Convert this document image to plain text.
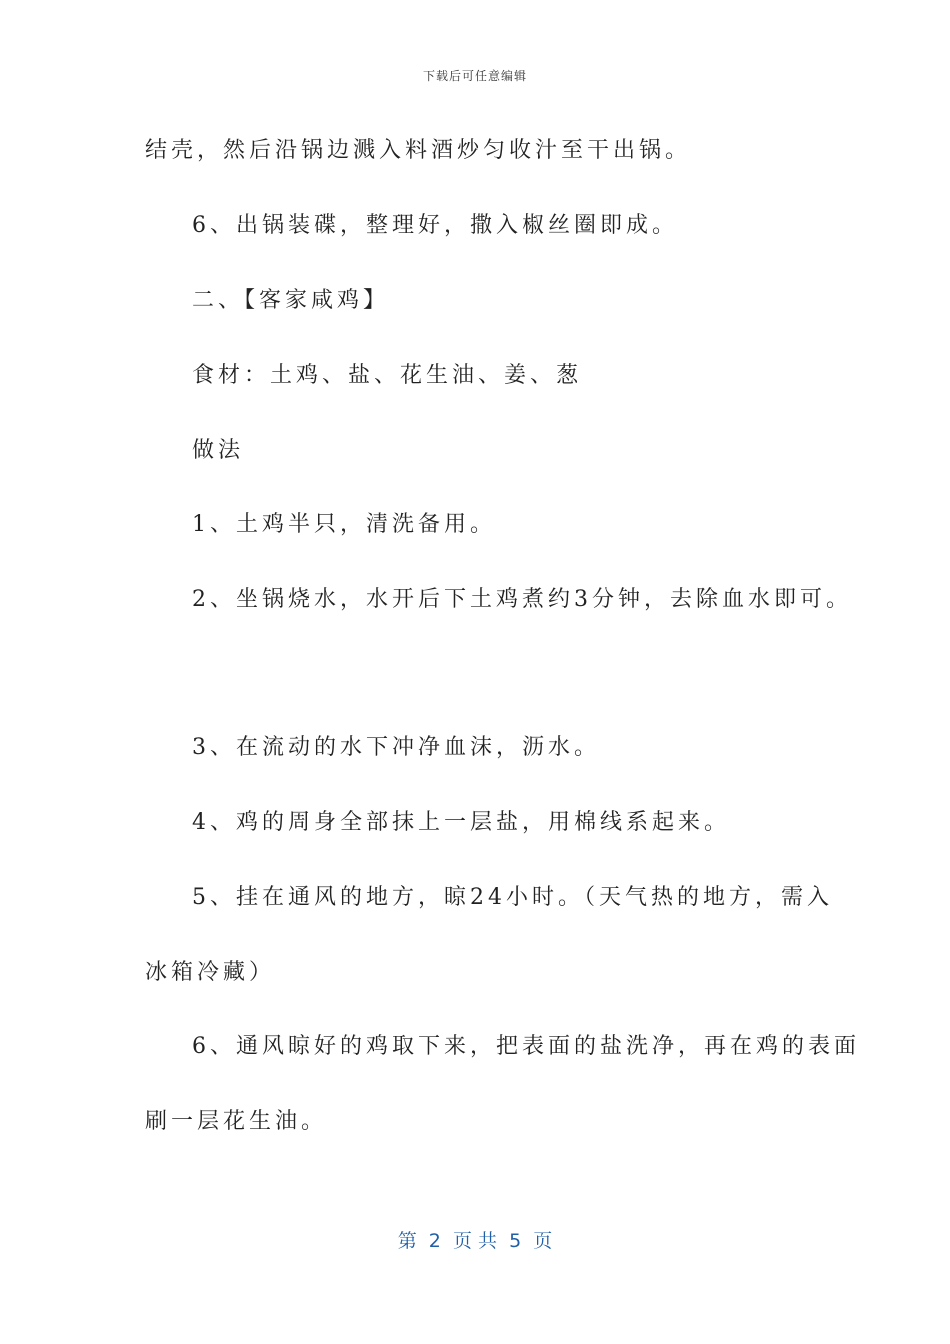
下载后可任意编辑
结壳，然后沿锅边溅入料酒炒匀收汁至干出锅。
6、出锅装碟，整理好，撒入椒丝圈即成。
二、【客家咸鸡】
食材：土鸡、盐、花生油、姜、葱
做法
1、土鸡半只，清洗备用。
2、坐锅烧水，水开后下土鸡煮约3分钟，去除血水即可。
3、在流动的水下冲净血沫，沥水。
4、鸡的周身全部抹上一层盐，用棉线系起来。
5、挂在通风的地方，晾24小时。（天气热的地方，需入
冰箱冷藏）
6、通风晾好的鸡取下来，把表面的盐洗净，再在鸡的表面
刷一层花生油。
第  2  页 共  5  页
